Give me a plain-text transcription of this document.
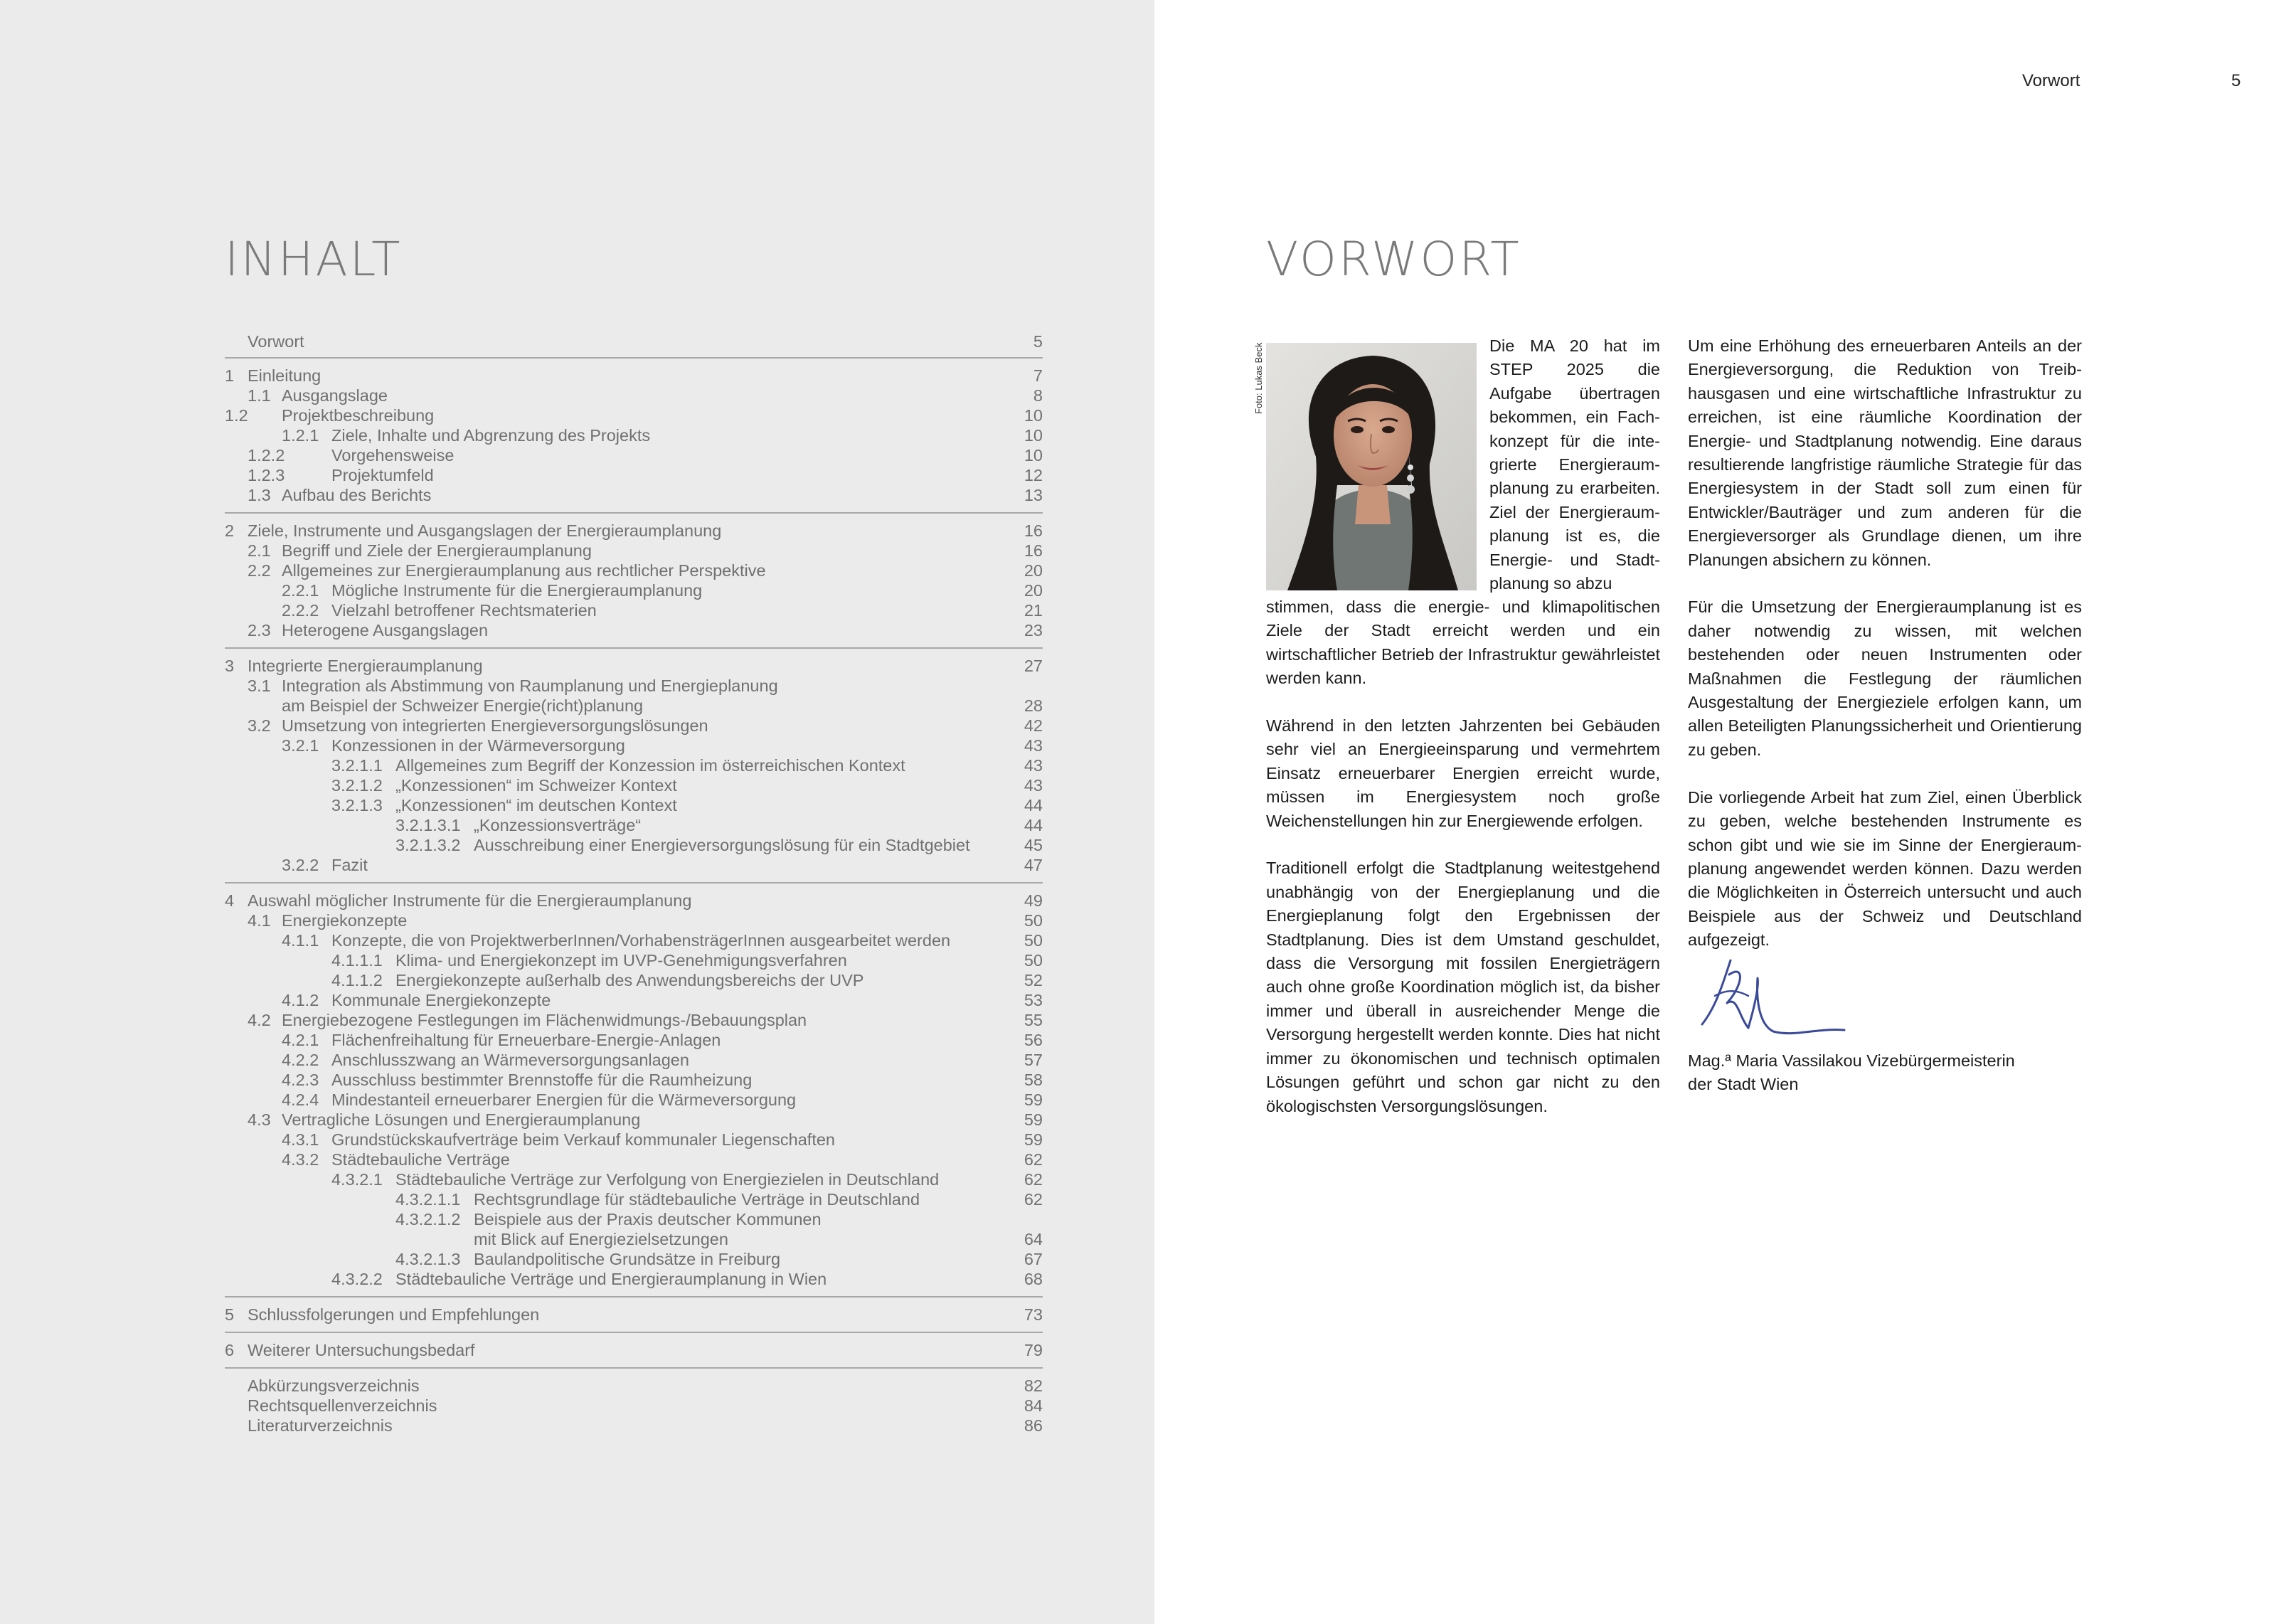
INHALT
Vorwort	5
1 Einleitung	7
1.1 Ausgangslage	8
1.2 Projektbeschreibung	10
1.2.1 Ziele, Inhalte und Abgrenzung des Projekts	10
1.2.2	Vorgehensweise	10
1.2.3	Projektumfeld	12
1.3 Aufbau des Berichts	13
2 Ziele, Instrumente und Ausgangslagen der Energieraumplanung	16
2.1 Begriff und Ziele der Energieraumplanung	16
2.2 Allgemeines zur Energieraumplanung aus rechtlicher Perspektive	20
2.2.1 Mögliche Instrumente für die Energieraumplanung	20
2.2.2 Vielzahl betroffener Rechtsmaterien	21
2.3 Heterogene Ausgangslagen	23
3 Integrierte Energieraumplanung	27
3.1 Integration als Abstimmung von Raumplanung und Energieplanung
am Beispiel der Schweizer Energie(richt)planung	28
3.2 Umsetzung von integrierten Energieversorgungslösungen	42
3.2.1 Konzessionen in der Wärmeversorgung	43
3.2.1.1 Allgemeines zum Begriff der Konzession im österreichischen Kontext	43
3.2.1.2 „Konzessionen“ im Schweizer Kontext	43
3.2.1.3 „Konzessionen“ im deutschen Kontext	44
3.2.1.3.1 „Konzessionsverträge“	44
3.2.1.3.2 Ausschreibung einer Energieversorgungslösung für ein Stadtgebiet	45
3.2.2 Fazit	47
4 Auswahl möglicher Instrumente für die Energieraumplanung	49
4.1 Energiekonzepte	50
4.1.1 Konzepte, die von ProjektwerberInnen/VorhabensträgerInnen ausgearbeitet werden	50
4.1.1.1 Klima- und Energiekonzept im UVP-Genehmigungsverfahren	50
4.1.1.2 Energiekonzepte außerhalb des Anwendungsbereichs der UVP	52
4.1.2 Kommunale Energiekonzepte	53
4.2 Energiebezogene Festlegungen im Flächenwidmungs-/Bebauungsplan	55
4.2.1 Flächenfreihaltung für Erneuerbare-Energie-Anlagen	56
4.2.2 Anschlusszwang an Wärmeversorgungsanlagen	57
4.2.3 Ausschluss bestimmter Brennstoffe für die Raumheizung	58
4.2.4 Mindestanteil erneuerbarer Energien für die Wärmeversorgung	59
4.3 Vertragliche Lösungen und Energieraumplanung	59
4.3.1 Grundstückskaufverträge beim Verkauf kommunaler Liegenschaften	59
4.3.2 Städtebauliche Verträge	62
4.3.2.1 Städtebauliche Verträge zur Verfolgung von Energiezielen in Deutschland	62
4.3.2.1.1 Rechtsgrundlage für städtebauliche Verträge in Deutschland	62
4.3.2.1.2 Beispiele aus der Praxis deutscher Kommunen
mit Blick auf Energiezielsetzungen	64
4.3.2.1.3 Baulandpolitische Grundsätze in Freiburg	67
4.3.2.2 Städtebauliche Verträge und Energieraumplanung in Wien	68
5 Schlussfolgerungen und Empfehlungen	73
6 Weiterer Untersuchungsbedarf	79
Abkürzungsverzeichnis	82
Rechtsquellenverzeichnis	84
Literaturverzeichnis	86
Vorwort	5
VORWORT
Foto: Lukas Beck	Die MA 20 hat im STEP 2025 die Aufgabe übertragen bekommen, ein Fachkonzept für die integrierte Energieraumplanung zu erarbeiten. Ziel der Energieraumplanung ist es, die Energie- und Stadtplanung so abzu

stimmen, dass die energie- und klimapolitischen Ziele der Stadt erreicht werden und ein wirtschaftlicher Betrieb der Infrastruktur gewährleistet werden kann.

Während in den letzten Jahrzenten bei Gebäuden sehr viel an Energieeinsparung und vermehrtem Einsatz erneuerbarer Energien erreicht wurde, müssen im Energiesystem noch große Weichenstellungen hin zur Energiewende erfolgen.

Traditionell erfolgt die Stadtplanung weitestgehend unabhängig von der Energieplanung und die Energieplanung folgt den Ergebnissen der Stadtplanung. Dies ist dem Umstand geschuldet, dass die Versorgung mit fossilen Energieträgern auch ohne große Koordination möglich ist, da bisher immer und überall in ausreichender Menge die Versorgung hergestellt werden konnte. Dies hat nicht immer zu ökonomischen und technisch optimalen Lösungen geführt und schon gar nicht zu den ökologischsten Versorgungslösungen.

Um eine Erhöhung des erneuerbaren Anteils an der Energieversorgung, die Reduktion von Treibhausgasen und eine wirtschaftliche Infrastruktur zu erreichen, ist eine räumliche Koordination der Energie- und Stadtplanung notwendig. Eine daraus resultierende langfristige räumliche Strategie für das Energiesystem in der Stadt soll zum einen für Entwickler/Bauträger und zum anderen für die Energieversorger als Grundlage dienen, um ihre Planungen absichern zu können.

Für die Umsetzung der Energieraumplanung ist es daher notwendig zu wissen, mit welchen bestehenden oder neuen Instrumenten oder Maßnahmen die Festlegung der räumlichen Ausgestaltung der Energieziele erfolgen kann, um allen Beteiligten Planungssicherheit und Orientierung zu geben.

Die vorliegende Arbeit hat zum Ziel, einen Überblick zu geben, welche bestehenden Instrumente es schon gibt und wie sie im Sinne der Energieraumplanung angewendet werden können. Dazu werden die Möglichkeiten in Österreich untersucht und auch Beispiele aus der Schweiz und Deutschland aufgezeigt.

Mag.ª Maria Vassilakou Vizebürgermeisterin
der Stadt Wien
